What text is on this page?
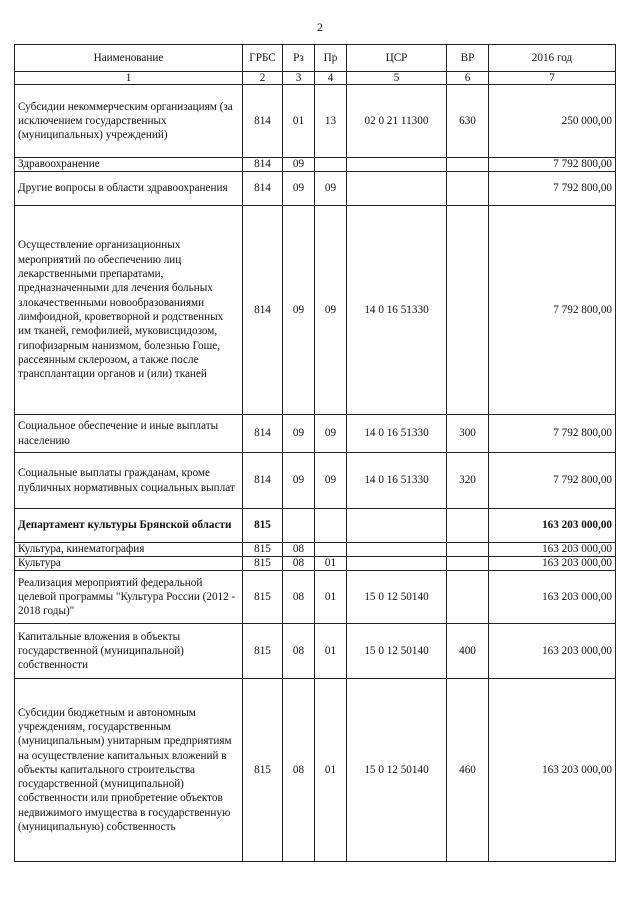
2
Наименование	ГРБС	Рз	Пр	ЦСР	ВР	2016 год
1	2	3	4	5	6	7
Субсидии некоммерческим организациям (за исключением государственных (муниципальных) учреждений)	814	01	13	02 0 21 11300	630	250 000,00
Здравоохранение	814	09				7 792 800,00
Другие вопросы в области здравоохранения	814	09	09			7 792 800,00
Осуществление организационных мероприятий по обеспечению лиц лекарственными препаратами, предназначенными для лечения больных злокачественными новообразованиями лимфоидной, кроветворной и родственных им тканей, гемофилией, муковисцидозом, гипофизарным нанизмом, болезнью Гоше, рассеянным склерозом, а также после трансплантации органов и (или) тканей	814	09	09	14 0 16 51330		7 792 800,00
Социальное обеспечение и иные выплаты населению	814	09	09	14 0 16 51330	300	7 792 800,00
Социальные выплаты гражданам, кроме публичных нормативных социальных выплат	814	09	09	14 0 16 51330	320	7 792 800,00
Департамент культуры Брянской области	815					163 203 000,00
Культура, кинематография	815	08				163 203 000,00
Культура	815	08	01			163 203 000,00
Реализация мероприятий федеральной целевой программы "Культура России (2012 - 2018 годы)"	815	08	01	15 0 12 50140		163 203 000,00
Капитальные вложения в объекты государственной (муниципальной) собственности	815	08	01	15 0 12 50140	400	163 203 000,00
Субсидии бюджетным и автономным учреждениям, государственным (муниципальным) унитарным предприятиям на осуществление капитальных вложений в объекты капитального строительства государственной (муниципальной) собственности или приобретение объектов недвижимого имущества в государственную (муниципальную) собственность	815	08	01	15 0 12 50140	460	163 203 000,00
